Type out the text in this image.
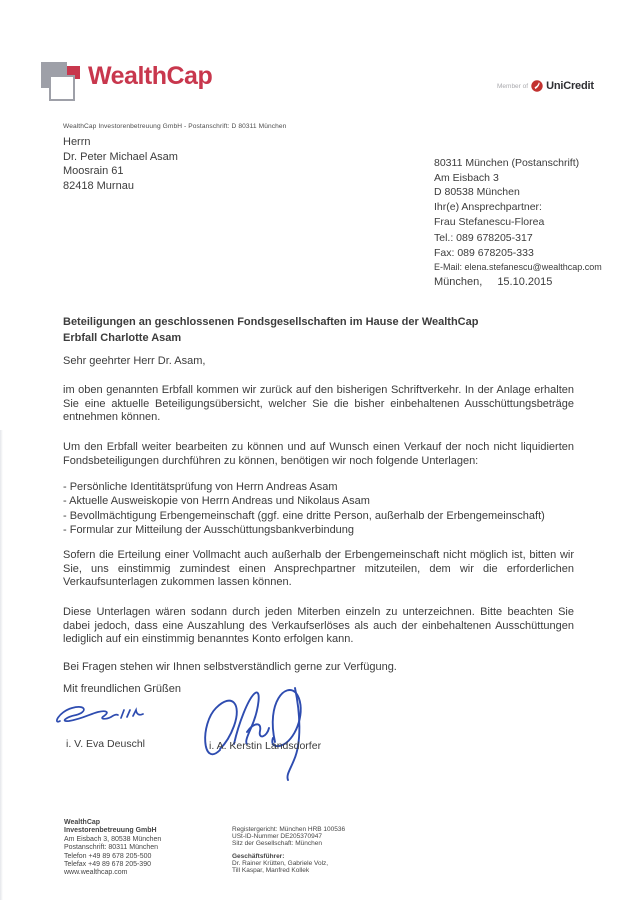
WealthCap	Member of UniCredit
WealthCap Investorenbetreuung GmbH - Postanschrift: D 80311 München
Herrn
Dr. Peter Michael Asam
Moosrain 61
82418 Murnau
80311 München (Postanschrift)
Am Eisbach 3
D 80538 München
Ihr(e) Ansprechpartner:
Frau Stefanescu-Florea
Tel.: 089 678205-317
Fax: 089 678205-333
E-Mail: elena.stefanescu@wealthcap.com
München, 15.10.2015
Beteiligungen an geschlossenen Fondsgesellschaften im Hause der WealthCap
Erbfall Charlotte Asam
Sehr geehrter Herr Dr. Asam,
im oben genannten Erbfall kommen wir zurück auf den bisherigen Schriftverkehr. In der Anlage erhalten Sie eine aktuelle Beteiligungsübersicht, welcher Sie die bisher einbehaltenen Ausschüttungsbeträge entnehmen können.
Um den Erbfall weiter bearbeiten zu können und auf Wunsch einen Verkauf der noch nicht liquidierten Fondsbeteiligungen durchführen zu können, benötigen wir noch folgende Unterlagen:
- Persönliche Identitätsprüfung von Herrn Andreas Asam
- Aktuelle Ausweiskopie von Herrn Andreas und Nikolaus Asam
- Bevollmächtigung Erbengemeinschaft (ggf. eine dritte Person, außerhalb der Erbengemeinschaft)
- Formular zur Mitteilung der Ausschüttungsbankverbindung
Sofern die Erteilung einer Vollmacht auch außerhalb der Erbengemeinschaft nicht möglich ist, bitten wir Sie, uns einstimmig zumindest einen Ansprechpartner mitzuteilen, dem wir die erforderlichen Verkaufsunterlagen zukommen lassen können.
Diese Unterlagen wären sodann durch jeden Miterben einzeln zu unterzeichnen. Bitte beachten Sie dabei jedoch, dass eine Auszahlung des Verkaufserlöses als auch der einbehaltenen Ausschüttungen lediglich auf ein einstimmig benanntes Konto erfolgen kann.
Bei Fragen stehen wir Ihnen selbstverständlich gerne zur Verfügung.
Mit freundlichen Grüßen
i. V. Eva Deuschl	i. A. Kerstin Landsdorfer
WealthCap
Investorenbetreuung GmbH
Am Eisbach 3, 80538 München
Postanschrift: 80311 München
Telefon +49 89 678 205-500
Telefax +49 89 678 205-390
www.wealthcap.com
Registergericht: München HRB 100536
USt-ID-Nummer DE205370947
Sitz der Gesellschaft: München
Geschäftsführer:
Dr. Rainer Krütten, Gabriele Volz,
Till Kaspar, Manfred Kollek
